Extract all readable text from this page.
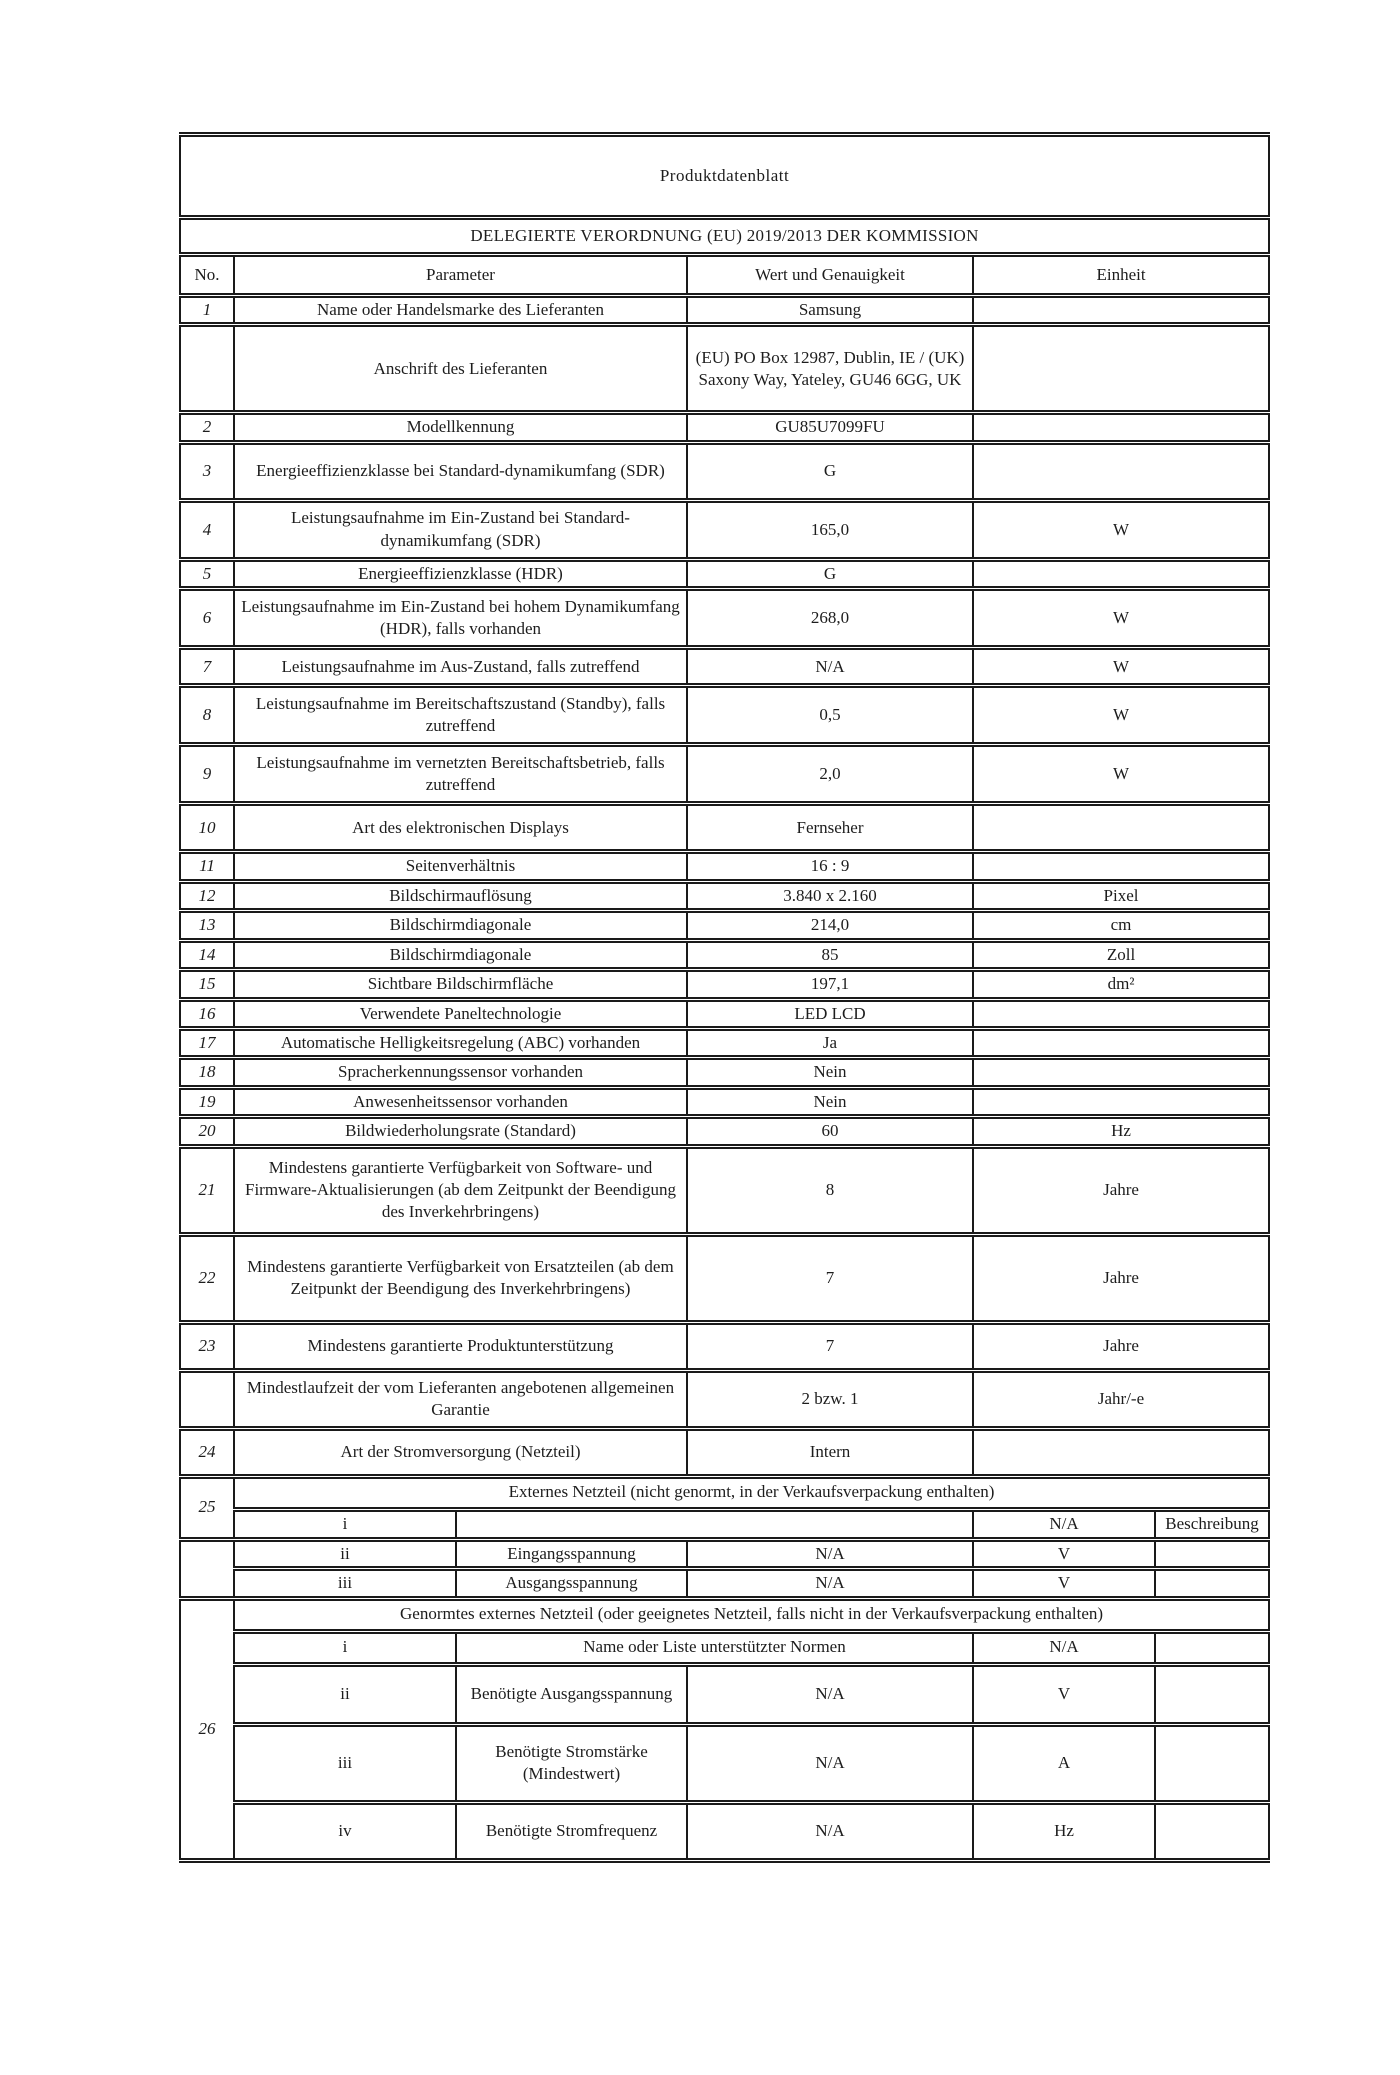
Produktdatenblatt					
DELEGIERTE VERORDNUNG (EU) 2019/2013 DER KOMMISSION					
No.	Parameter		Wert und Genauigkeit	Einheit	
1	Name oder Handelsmarke des Lieferanten		Samsung		
	Anschrift des Lieferanten		(EU) PO Box 12987, Dublin, IE / (UK) Saxony Way, Yateley, GU46 6GG, UK		
2	Modellkennung		GU85U7099FU		
3	Energieeffizienzklasse bei Standard-dynamikumfang (SDR)		G		
4	Leistungsaufnahme im Ein-Zustand bei Standard-dynamikumfang (SDR)		165,0	W	
5	Energieeffizienzklasse (HDR)		G		
6	Leistungsaufnahme im Ein-Zustand bei hohem Dynamikumfang (HDR), falls vorhanden		268,0	W	
7	Leistungsaufnahme im Aus-Zustand, falls zutreffend		N/A	W	
8	Leistungsaufnahme im Bereitschaftszustand (Standby), falls zutreffend		0,5	W	
9	Leistungsaufnahme im vernetzten Bereitschaftsbetrieb, falls zutreffend		2,0	W	
10	Art des elektronischen Displays		Fernseher		
11	Seitenverhältnis		16 : 9		
12	Bildschirmauflösung		3.840 x 2.160	Pixel	
13	Bildschirmdiagonale		214,0	cm	
14	Bildschirmdiagonale		85	Zoll	
15	Sichtbare Bildschirmfläche		197,1	dm²	
16	Verwendete Paneltechnologie		LED LCD		
17	Automatische Helligkeitsregelung (ABC) vorhanden		Ja		
18	Spracherkennungssensor vorhanden		Nein		
19	Anwesenheitssensor vorhanden		Nein		
20	Bildwiederholungsrate (Standard)		60	Hz	
21	Mindestens garantierte Verfügbarkeit von Software- und Firmware-Aktualisierungen (ab dem Zeitpunkt der Beendigung des Inverkehrbringens)		8	Jahre	
22	Mindestens garantierte Verfügbarkeit von Ersatzteilen (ab dem Zeitpunkt der Beendigung des Inverkehrbringens)		7	Jahre	
23	Mindestens garantierte Produktunterstützung		7	Jahre	
	Mindestlaufzeit der vom Lieferanten angebotenen allgemeinen Garantie		2 bzw. 1	Jahr/-e	
24	Art der Stromversorgung (Netzteil)		Intern		
25	Externes Netzteil (nicht genormt, in der Verkaufsverpackung enthalten)				
	i			N/A	Beschreibung
	ii	Eingangsspannung	N/A	V	
	iii	Ausgangsspannung	N/A	V	
26	Genormtes externes Netzteil (oder geeignetes Netzteil, falls nicht in der Verkaufsverpackung enthalten)				
	i	Name oder Liste unterstützter Normen		N/A	
	ii	Benötigte Ausgangsspannung	N/A	V	
	iii	Benötigte Stromstärke (Mindestwert)	N/A	A	
	iv	Benötigte Stromfrequenz	N/A	Hz	
